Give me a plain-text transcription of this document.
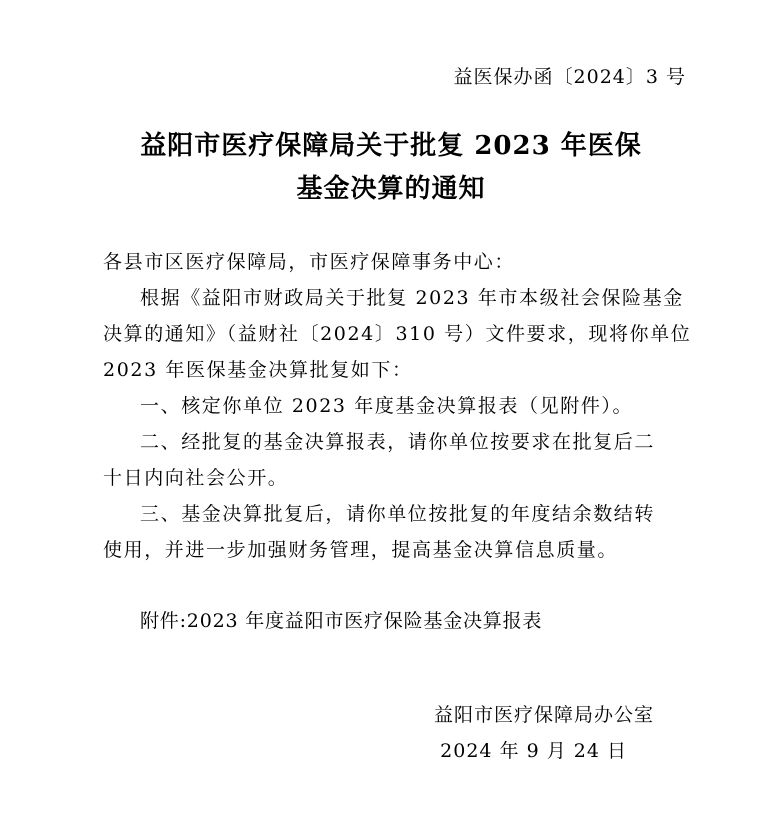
益医保办函〔2024〕3 号
益阳市医疗保障局关于批复 2023 年医保
基金决算的通知
各县市区医疗保障局，市医疗保障事务中心：
根据《益阳市财政局关于批复 2023 年市本级社会保险基金
决算的通知》（益财社〔2024〕310 号）文件要求，现将你单位
2023 年医保基金决算批复如下：
一、核定你单位 2023 年度基金决算报表（见附件）。
二、经批复的基金决算报表，请你单位按要求在批复后二
十日内向社会公开。
三、基金决算批复后，请你单位按批复的年度结余数结转
使用，并进一步加强财务管理，提高基金决算信息质量。
附件:2023 年度益阳市医疗保险基金决算报表
益阳市医疗保障局办公室
2024 年 9 月 24 日
